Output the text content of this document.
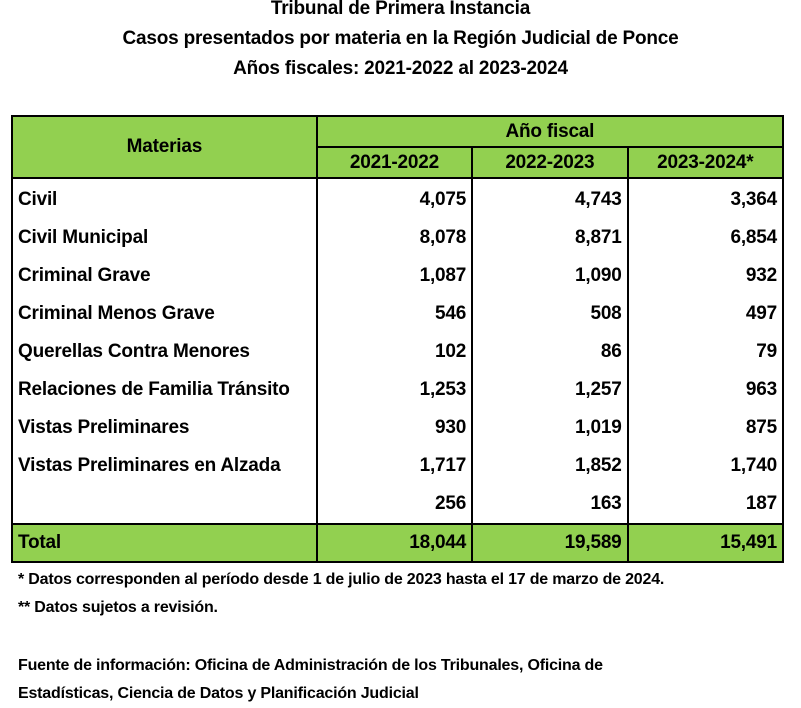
Tribunal de Primera Instancia
Casos presentados por materia en la Región Judicial de Ponce
Años fiscales: 2021-2022 al 2023-2024
Materias	Año fiscal		
	2021-2022	2022-2023	2023-2024*
Civil	4,075	4,743	3,364
Civil Municipal	8,078	8,871	6,854
Criminal Grave	1,087	1,090	932
Criminal Menos Grave	546	508	497
Querellas Contra Menores	102	86	79
Relaciones de Familia Tránsito	1,253	1,257	963
Vistas Preliminares	930	1,019	875
Vistas Preliminares en Alzada	1,717	1,852	1,740
	256	163	187
Total	18,044	19,589	15,491
* Datos corresponden al período desde 1 de julio de 2023 hasta el 17 de marzo de 2024.
** Datos sujetos a revisión.
Fuente de información: Oficina de Administración de los Tribunales, Oficina de
Estadísticas, Ciencia de Datos y Planificación Judicial
